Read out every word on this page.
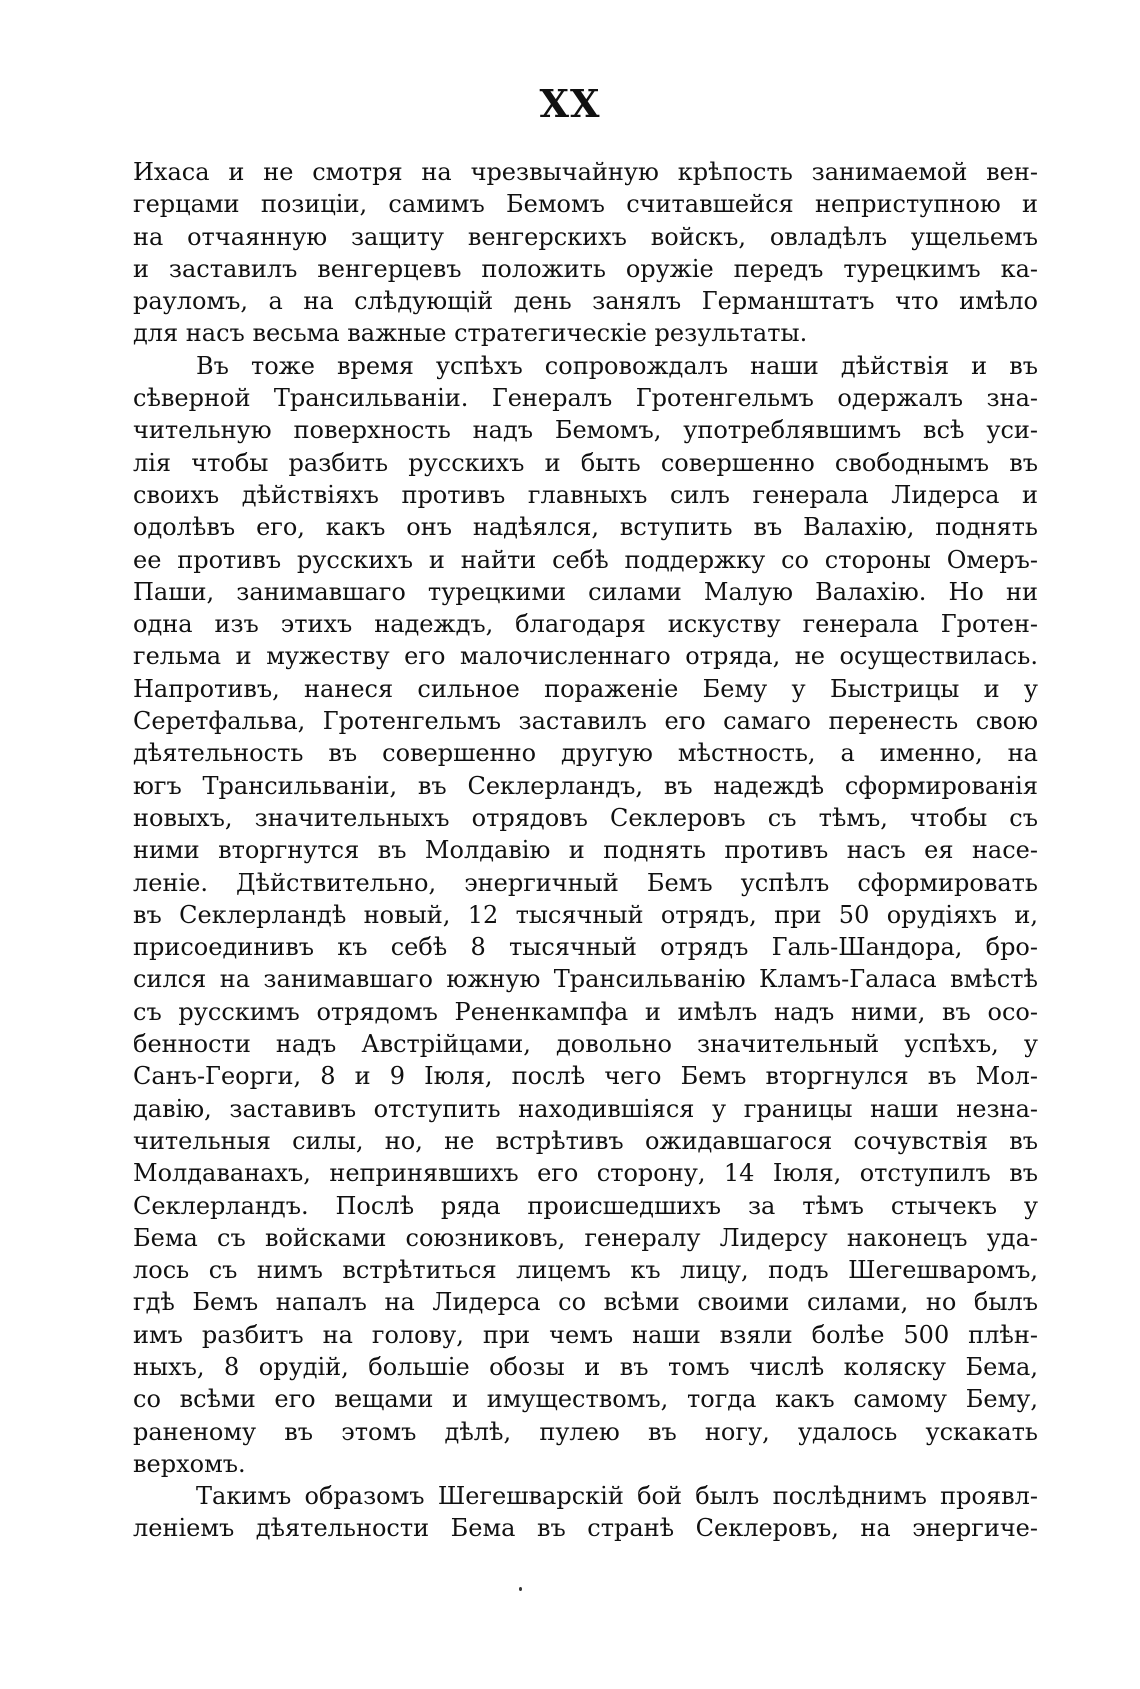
XX
Ихаса и не смотря на чрезвычайную крѣпость занимаемой вен-
герцами позиціи, самимъ Бемомъ считавшейся неприступною и
на отчаянную защиту венгерскихъ войскъ, овладѣлъ ущельемъ
и заставилъ венгерцевъ положить оружіе передъ турецкимъ ка-
рауломъ, а на слѣдующій день занялъ Германштатъ что имѣло
для насъ весьма важные стратегическіе результаты.
Въ тоже время успѣхъ сопровождалъ наши дѣйствія и въ
сѣверной Трансильваніи. Генералъ Гротенгельмъ одержалъ зна-
чительную поверхность надъ Бемомъ, употреблявшимъ всѣ уси-
лія чтобы разбить русскихъ и быть совершенно свободнымъ въ
своихъ дѣйствіяхъ противъ главныхъ силъ генерала Лидерса и
одолѣвъ его, какъ онъ надѣялся, вступить въ Валахію, поднять
ее противъ русскихъ и найти себѣ поддержку со стороны Омеръ-
Паши, занимавшаго турецкими силами Малую Валахію. Но ни
одна изъ этихъ надеждъ, благодаря искуству генерала Гротен-
гельма и мужеству его малочисленнаго отряда, не осуществилась.
Напротивъ, нанеся сильное пораженіе Бему у Быстрицы и у
Серетфальва, Гротенгельмъ заставилъ его самаго перенесть свою
дѣятельность въ совершенно другую мѣстность, а именно, на
югъ Трансильваніи, въ Секлерландъ, въ надеждѣ сформированія
новыхъ, значительныхъ отрядовъ Секлеровъ съ тѣмъ, чтобы съ
ними вторгнутся въ Молдавію и поднять противъ насъ ея насе-
леніе. Дѣйствительно, энергичный Бемъ успѣлъ сформировать
въ Секлерландѣ новый, 12 тысячный отрядъ, при 50 орудіяхъ и,
присоединивъ къ себѣ 8 тысячный отрядъ Галь-Шандора, бро-
сился на занимавшаго южную Трансильванію Кламъ-Галаса вмѣстѣ
съ русскимъ отрядомъ Рененкампфа и имѣлъ надъ ними, въ осо-
бенности надъ Австрійцами, довольно значительный успѣхъ, у
Санъ-Георги, 8 и 9 Іюля, послѣ чего Бемъ вторгнулся въ Мол-
давію, заставивъ отступить находившіяся у границы наши незна-
чительныя силы, но, не встрѣтивъ ожидавшагося сочувствія въ
Молдаванахъ, непринявшихъ его сторону, 14 Іюля, отступилъ въ
Секлерландъ. Послѣ ряда происшедшихъ за тѣмъ стычекъ у
Бема съ войсками союзниковъ, генералу Лидерсу наконецъ уда-
лось съ нимъ встрѣтиться лицемъ къ лицу, подъ Шегешваромъ,
гдѣ Бемъ напалъ на Лидерса со всѣми своими силами, но былъ
имъ разбитъ на голову, при чемъ наши взяли болѣе 500 плѣн-
ныхъ, 8 орудій, большіе обозы и въ томъ числѣ коляску Бема,
со всѣми его вещами и имуществомъ, тогда какъ самому Бему,
раненому въ этомъ дѣлѣ, пулею въ ногу, удалось ускакать
верхомъ.
Такимъ образомъ Шегешварскій бой былъ послѣднимъ проявл-
леніемъ дѣятельности Бема въ странѣ Секлеровъ, на энергиче-
